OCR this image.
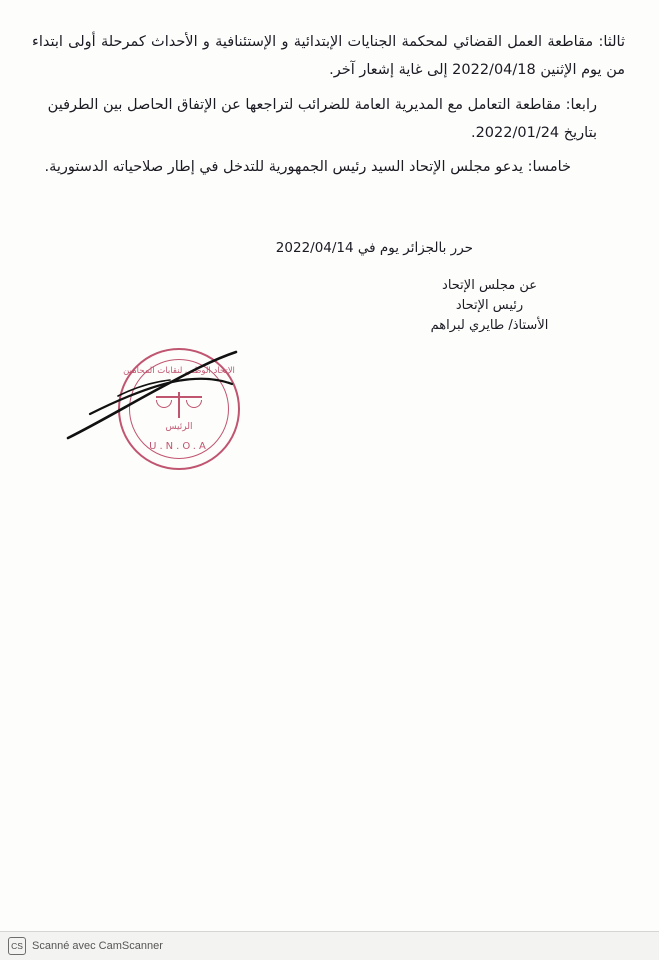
ثالثا: مقاطعة العمل القضائي لمحكمة الجنايات الإبتدائية و الإستئنافية و الأحداث كمرحلة أولى ابتداء من يوم الإثنين 2022/04/18 إلى غاية إشعار آخر.

رابعا: مقاطعة التعامل مع المديرية العامة للضرائب لتراجعها عن الإتفاق الحاصل بين الطرفين بتاريخ 2022/01/24.

خامسا: يدعو مجلس الإتحاد السيد رئيس الجمهورية للتدخل في إطار صلاحياته الدستورية.

حرر بالجزائر يوم في 2022/04/14
عن مجلس الإتحاد
رئيس الإتحاد
الأستاذ/ طايري لبراهم
الإتحاد الوطني لنقابات المحامين
الرئيس
U.N.O.A
CS Scanné avec CamScanner
